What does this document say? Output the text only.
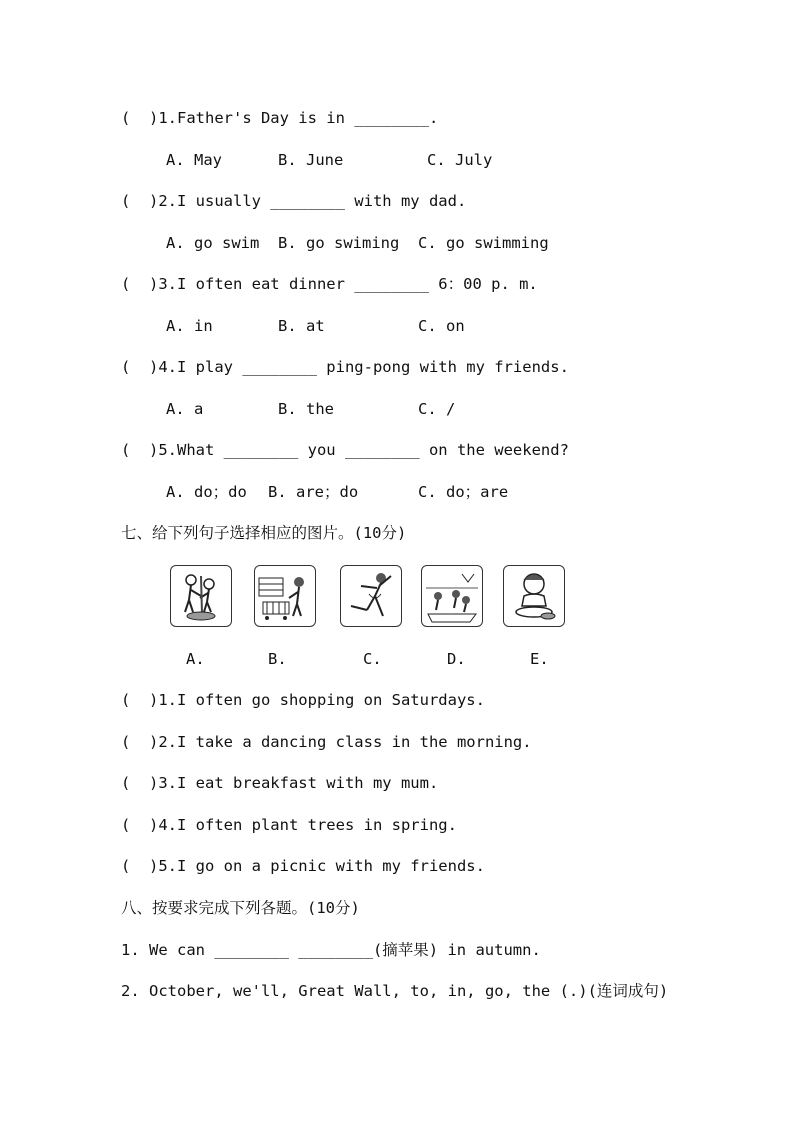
(  )1.Father's Day is in ________.
A. May	B. June	C. July
(  )2.I usually ________ with my dad.
A. go swim B. go swiming C. go swimming
(  )3.I often eat dinner ________ 6：00 p. m.
A. in	B. at	C. on
(  )4.I play ________ ping-pong with my friends.
A. a	B. the	C. /
(  )5.What ________ you ________ on the weekend?
A. do；do B. are；do	C. do；are
七、给下列句子选择相应的图片。(10分)
A.	B.	C.	D.	E.
(  )1.I often go shopping on Saturdays.
(  )2.I take a dancing class in the morning.
(  )3.I eat breakfast with my mum.
(  )4.I often plant trees in spring.
(  )5.I go on a picnic with my friends.
八、按要求完成下列各题。(10分)
1. We can ________ ________(摘苹果) in autumn.
2. October, we'll, Great Wall, to, in, go, the (.)(连词成句)
